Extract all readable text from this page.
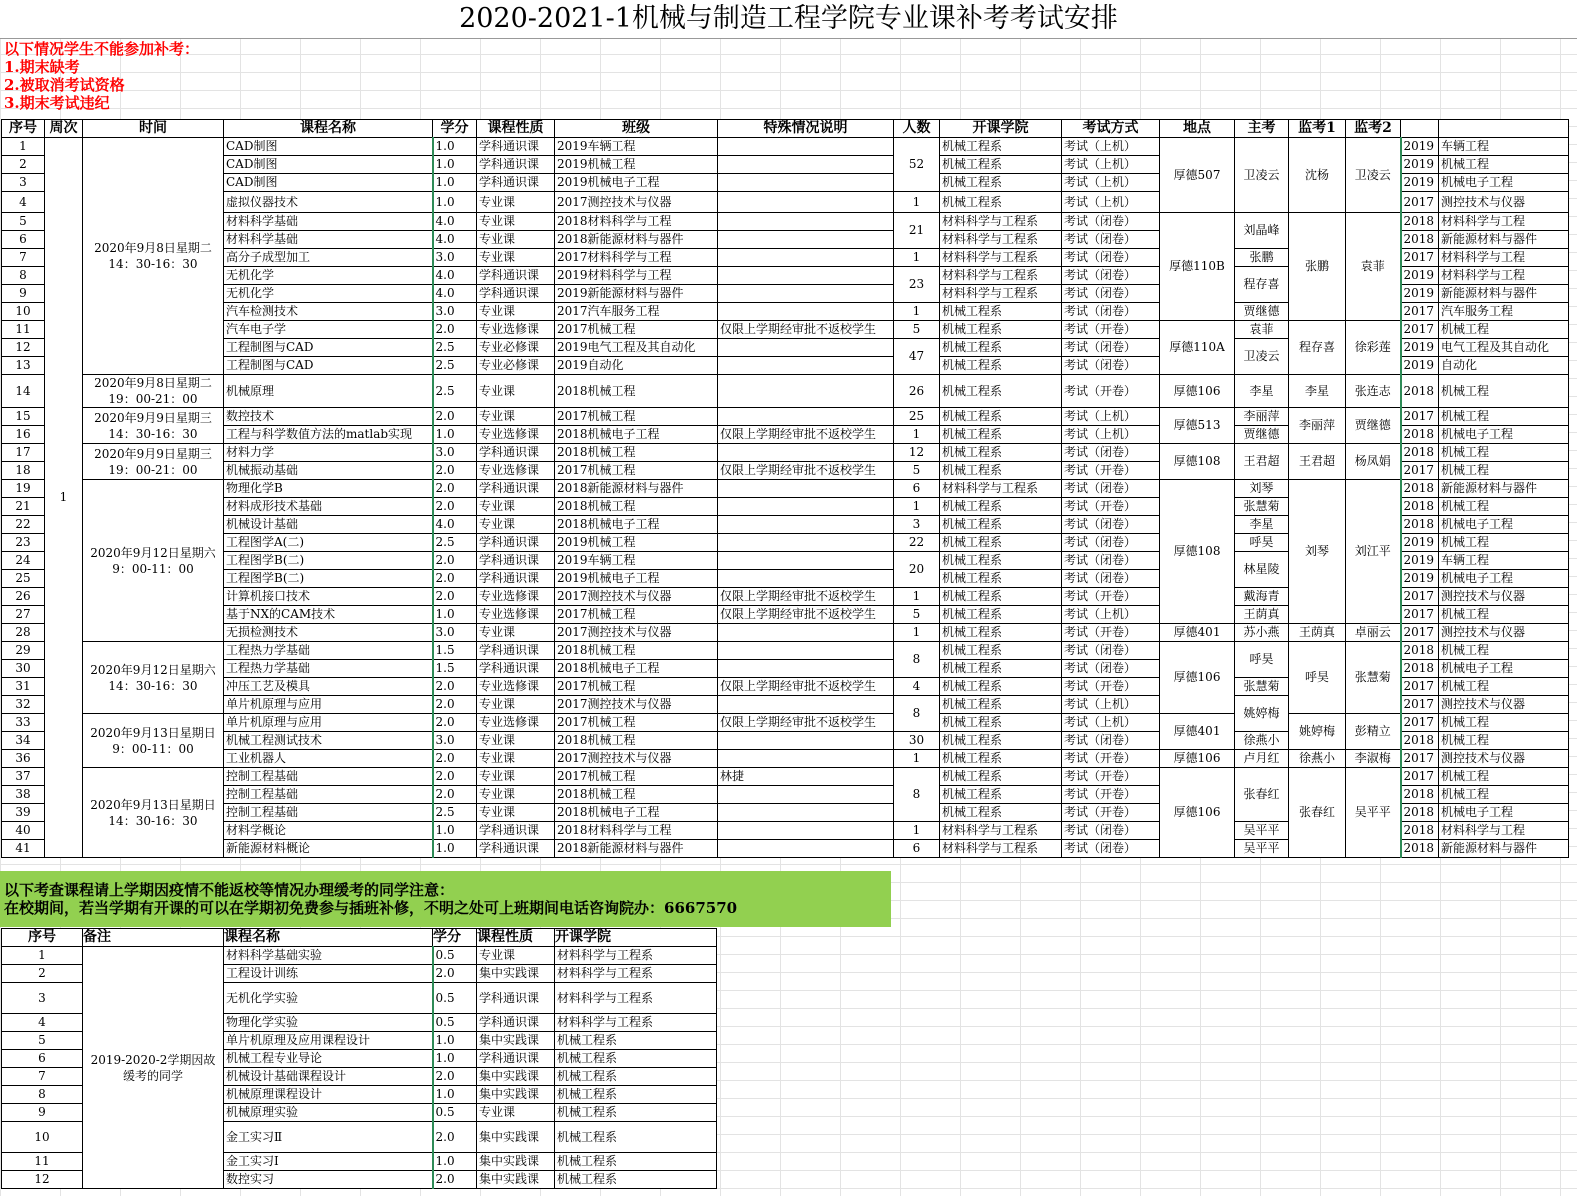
2020-2021-1机械与制造工程学院专业课补考考试安排
以下情况学生不能参加补考：
1.期末缺考
2.被取消考试资格
3.期末考试违纪
序号	周次	时间	课程名称	学分	课程性质	班级	特殊情况说明	人数	开课学院	考试方式	地点	主考	监考1	监考2		
1	1	2020年9月8日星期二
14：30-16：30	CAD制图	1.0	学科通识课	2019车辆工程		52	机械工程系	考试（上机）	厚德507	卫凌云	沈杨	卫凌云	2019	车辆工程
2			CAD制图	1.0	学科通识课	2019机械工程			机械工程系	考试（上机）					2019	机械工程
3			CAD制图	1.0	学科通识课	2019机械电子工程			机械工程系	考试（上机）					2019	机械电子工程
4			虚拟仪器技术	1.0	专业课	2017测控技术与仪器		1	机械工程系	考试（上机）					2017	测控技术与仪器
5			材料科学基础	4.0	专业课	2018材料科学与工程		21	材料科学与工程系	考试（闭卷）	厚德110B	刘晶峰	张鹏	袁菲	2018	材料科学与工程
6			材料科学基础	4.0	专业课	2018新能源材料与器件			材料科学与工程系	考试（闭卷）					2018	新能源材料与器件
7			高分子成型加工	3.0	专业课	2017材料科学与工程		1	材料科学与工程系	考试（闭卷）		张鹏			2017	材料科学与工程
8			无机化学	4.0	学科通识课	2019材料科学与工程		23	材料科学与工程系	考试（闭卷）		程存喜			2019	材料科学与工程
9			无机化学	4.0	学科通识课	2019新能源材料与器件			材料科学与工程系	考试（闭卷）					2019	新能源材料与器件
10			汽车检测技术	3.0	专业课	2017汽车服务工程		1	机械工程系	考试（闭卷）		贾继德			2017	汽车服务工程
11			汽车电子学	2.0	专业选修课	2017机械工程	仅限上学期经审批不返校学生	5	机械工程系	考试（开卷）	厚德110A	袁菲	程存喜	徐彩莲	2017	机械工程
12			工程制图与CAD	2.5	专业必修课	2019电气工程及其自动化		47	机械工程系	考试（闭卷）		卫凌云			2019	电气工程及其自动化
13			工程制图与CAD	2.5	专业必修课	2019自动化			机械工程系	考试（闭卷）					2019	自动化
14		2020年9月8日星期二
19：00-21：00	机械原理	2.5	专业课	2018机械工程		26	机械工程系	考试（开卷）	厚德106	李星	李星	张连志	2018	机械工程
15		2020年9月9日星期三
14：30-16：30	数控技术	2.0	专业课	2017机械工程		25	机械工程系	考试（上机）	厚德513	李丽萍	李丽萍	贾继德	2017	机械工程
16			工程与科学数值方法的matlab实现	1.0	专业选修课	2018机械电子工程	仅限上学期经审批不返校学生	1	机械工程系	考试（上机）		贾继德			2018	机械电子工程
17		2020年9月9日星期三
19：00-21：00	材料力学	3.0	学科通识课	2018机械工程		12	机械工程系	考试（闭卷）	厚德108	王君超	王君超	杨凤娟	2018	机械工程
18			机械振动基础	2.0	专业选修课	2017机械工程	仅限上学期经审批不返校学生	5	机械工程系	考试（开卷）					2017	机械工程
19		2020年9月12日星期六
9：00-11：00	物理化学B	2.0	学科通识课	2018新能源材料与器件		6	材料科学与工程系	考试（闭卷）	厚德108	刘琴	刘琴	刘江平	2018	新能源材料与器件
21			材料成形技术基础	2.0	专业课	2018机械工程		1	机械工程系	考试（开卷）		张慧菊			2018	机械工程
22			机械设计基础	4.0	专业课	2018机械电子工程		3	机械工程系	考试（闭卷）		李星			2018	机械电子工程
23			工程图学A(二)	2.5	学科通识课	2019机械工程		22	机械工程系	考试（闭卷）		呼昊			2019	机械工程
24			工程图学B(二)	2.0	学科通识课	2019车辆工程		20	机械工程系	考试（闭卷）		林星陵			2019	车辆工程
25			工程图学B(二)	2.0	学科通识课	2019机械电子工程			机械工程系	考试（闭卷）					2019	机械电子工程
26			计算机接口技术	2.0	专业选修课	2017测控技术与仪器	仅限上学期经审批不返校学生	1	机械工程系	考试（开卷）		戴海青			2017	测控技术与仪器
27			基于NX的CAM技术	1.0	专业选修课	2017机械工程	仅限上学期经审批不返校学生	5	机械工程系	考试（上机）		王荫真			2017	机械工程
28			无损检测技术	3.0	专业课	2017测控技术与仪器		1	机械工程系	考试（开卷）	厚德401	苏小燕	王荫真	卓丽云	2017	测控技术与仪器
29		2020年9月12日星期六
14：30-16：30	工程热力学基础	1.5	学科通识课	2018机械工程		8	机械工程系	考试（闭卷）	厚德106	呼昊	呼昊	张慧菊	2018	机械工程
30			工程热力学基础	1.5	学科通识课	2018机械电子工程			机械工程系	考试（闭卷）					2018	机械电子工程
31			冲压工艺及模具	2.0	专业选修课	2017机械工程	仅限上学期经审批不返校学生	4	机械工程系	考试（开卷）		张慧菊			2017	机械工程
32			单片机原理与应用	2.0	专业课	2017测控技术与仪器		8	机械工程系	考试（上机）		姚婷梅			2017	测控技术与仪器
33		2020年9月13日星期日
9：00-11：00	单片机原理与应用	2.0	专业选修课	2017机械工程	仅限上学期经审批不返校学生		机械工程系	考试（上机）	厚德401		姚婷梅	彭精立	2017	机械工程
34			机械工程测试技术	3.0	专业课	2018机械工程		30	机械工程系	考试（闭卷）		徐燕小			2018	机械工程
36			工业机器人	2.0	专业课	2017测控技术与仪器		1	机械工程系	考试（开卷）	厚德106	卢月红	徐燕小	李淑梅	2017	测控技术与仪器
37		2020年9月13日星期日
14：30-16：30	控制工程基础	2.0	专业课	2017机械工程	林捷	8	机械工程系	考试（开卷）	厚德106	张春红	张春红	吴平平	2017	机械工程
38			控制工程基础	2.0	专业课	2018机械工程			机械工程系	考试（开卷）					2018	机械工程
39			控制工程基础	2.5	专业课	2018机械电子工程			机械工程系	考试（开卷）					2018	机械电子工程
40			材料学概论	1.0	学科通识课	2018材料科学与工程		1	材料科学与工程系	考试（闭卷）		吴平平			2018	材料科学与工程
41			新能源材料概论	1.0	学科通识课	2018新能源材料与器件		6	材料科学与工程系	考试（闭卷）		吴平平			2018	新能源材料与器件
以下考查课程请上学期因疫情不能返校等情况办理缓考的同学注意：
在校期间，若当学期有开课的可以在学期初免费参与插班补修，不明之处可上班期间电话咨询院办：6667570
序号	备注	课程名称	学分	课程性质	开课学院
1	2019-2020-2学期因故缓考的同学	材料科学基础实验	0.5	专业课	材料科学与工程系
2		工程设计训练	2.0	集中实践课	材料科学与工程系
3		无机化学实验	0.5	学科通识课	材料科学与工程系
4		物理化学实验	0.5	学科通识课	材料科学与工程系
5		单片机原理及应用课程设计	1.0	集中实践课	机械工程系
6		机械工程专业导论	1.0	学科通识课	机械工程系
7		机械设计基础课程设计	2.0	集中实践课	机械工程系
8		机械原理课程设计	1.0	集中实践课	机械工程系
9		机械原理实验	0.5	专业课	机械工程系
10		金工实习Ⅱ	2.0	集中实践课	机械工程系
11		金工实习Ⅰ	1.0	集中实践课	机械工程系
12		数控实习	2.0	集中实践课	机械工程系
